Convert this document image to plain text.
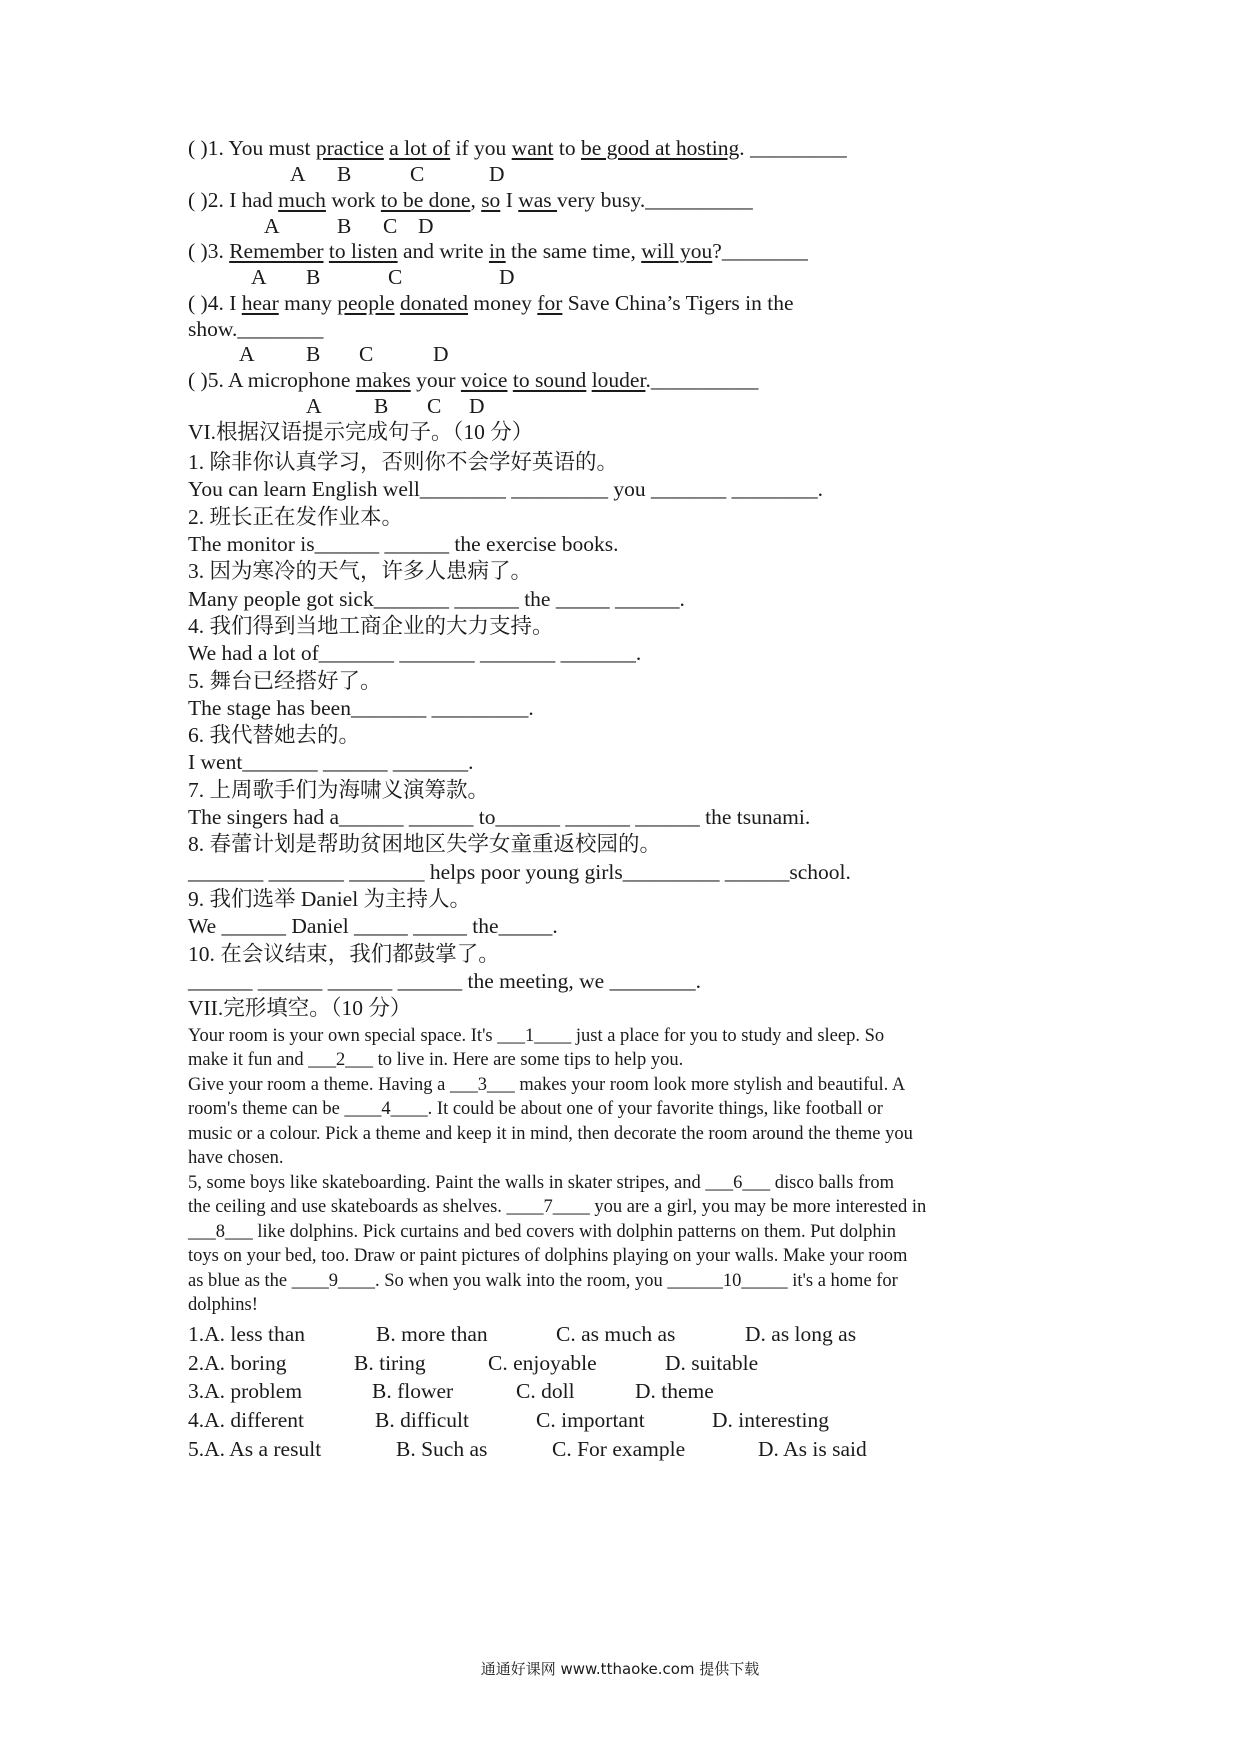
( )1. You must practice a lot of if you want to be good at hosting. _________
A B	C	D
( )2. I had much work to be done, so I was very busy.__________
A	B C D
( )3. Remember to listen and write in the same time, will you?________
A B	C	D
( )4. I hear many people donated money for Save China’s Tigers in the
show.________
A B C	D
( )5. A microphone makes your voice to sound louder.__________
A B C D
VI.根据汉语提示完成句子。（10 分）
1. 除非你认真学习，否则你不会学好英语的。
You can learn English well________ _________ you _______ ________.
2. 班长正在发作业本。
The monitor is______ ______ the exercise books.
3. 因为寒冷的天气，许多人患病了。
Many people got sick_______ ______ the _____ ______.
4. 我们得到当地工商企业的大力支持。
We had a lot of_______ _______ _______ _______.
5. 舞台已经搭好了。
The stage has been_______ _________.
6. 我代替她去的。
I went_______ ______ _______.
7. 上周歌手们为海啸义演筹款。
The singers had a______ ______ to______ ______ ______ the tsunami.
8. 春蕾计划是帮助贫困地区失学女童重返校园的。
_______ _______ _______ helps poor young girls_________ ______school.
9. 我们选举 Daniel 为主持人。
We ______ Daniel _____ _____ the_____.
10. 在会议结束，我们都鼓掌了。
______ ______ ______ ______ the meeting, we ________.
VII.完形填空。（10 分）
Your room is your own special space. It's ___1____ just a place for you to study and sleep. So
make it fun and ___2___ to live in. Here are some tips to help you.
Give your room a theme. Having a ___3___ makes your room look more stylish and beautiful. A
room's theme can be ____4____. It could be about one of your favorite things, like football or
music or a colour. Pick a theme and keep it in mind, then decorate the room around the theme you
have chosen.
5, some boys like skateboarding. Paint the walls in skater stripes, and ___6___ disco balls from
the ceiling and use skateboards as shelves. ____7____ you are a girl, you may be more interested in
___8___ like dolphins. Pick curtains and bed covers with dolphin patterns on them. Put dolphin
toys on your bed, too. Draw or paint pictures of dolphins playing on your walls. Make your room
as blue as the ____9____. So when you walk into the room, you ______10_____ it's a home for
dolphins!
1.A. less than	B. more than	C. as much as	D. as long as
2.A. boring	B. tiring	C. enjoyable	D. suitable
3.A. problem	B. flower	C. doll	D. theme
4.A. different	B. difficult	C. important	D. interesting
5.A. As a result	B. Such as	C. For example	D. As is said
通通好课网 www.tthaoke.com 提供下载
